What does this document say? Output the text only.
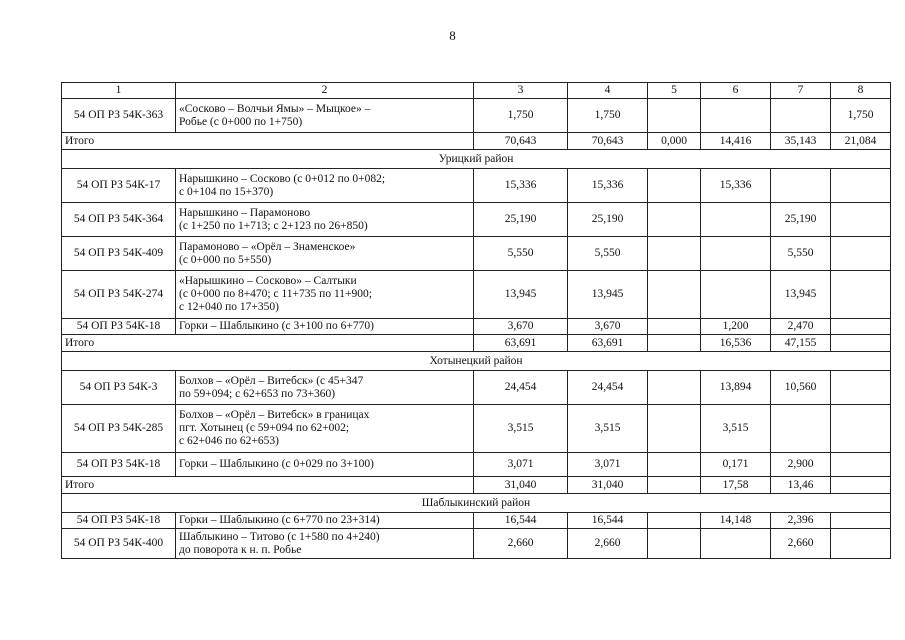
8
1	2	3	4	5	6	7	8
54 ОП РЗ 54К-363	«Сосково – Волчьи Ямы» – Мыцкое» –
Робье (с 0+000 по 1+750)	1,750	1,750				1,750
Итого		70,643	70,643	0,000	14,416	35,143	21,084
Урицкий район							
54 ОП РЗ 54К-17	Нарышкино – Сосково (с 0+012 по 0+082;
с 0+104 по 15+370)	15,336	15,336		15,336		
54 ОП РЗ 54К-364	Нарышкино – Парамоново
(с 1+250 по 1+713; с 2+123 по 26+850)	25,190	25,190			25,190	
54 ОП РЗ 54К-409	Парамоново – «Орёл – Знаменское»
(с 0+000 по 5+550)	5,550	5,550			5,550	
54 ОП РЗ 54К-274	«Нарышкино – Сосково» – Салтыки
(с 0+000 по 8+470; с 11+735 по 11+900;
с 12+040 по 17+350)	13,945	13,945			13,945	
54 ОП РЗ 54К-18	Горки – Шаблыкино (с 3+100 по 6+770)	3,670	3,670		1,200	2,470	
Итого		63,691	63,691		16,536	47,155	
Хотынецкий район							
54 ОП РЗ 54К-3	Болхов – «Орёл – Витебск» (с 45+347
по 59+094; с 62+653 по 73+360)	24,454	24,454		13,894	10,560	
54 ОП РЗ 54К-285	Болхов – «Орёл – Витебск» в границах
пгт. Хотынец (с 59+094 по 62+002;
с 62+046 по 62+653)	3,515	3,515		3,515		
54 ОП РЗ 54К-18	Горки – Шаблыкино (с 0+029 по 3+100)	3,071	3,071		0,171	2,900	
Итого		31,040	31,040		17,58	13,46	
Шаблыкинский район							
54 ОП РЗ 54К-18	Горки – Шаблыкино (с 6+770 по 23+314)	16,544	16,544		14,148	2,396	
54 ОП РЗ 54К-400	Шаблыкино – Титово (с 1+580 по 4+240)
до поворота к н. п. Робье	2,660	2,660			2,660	
